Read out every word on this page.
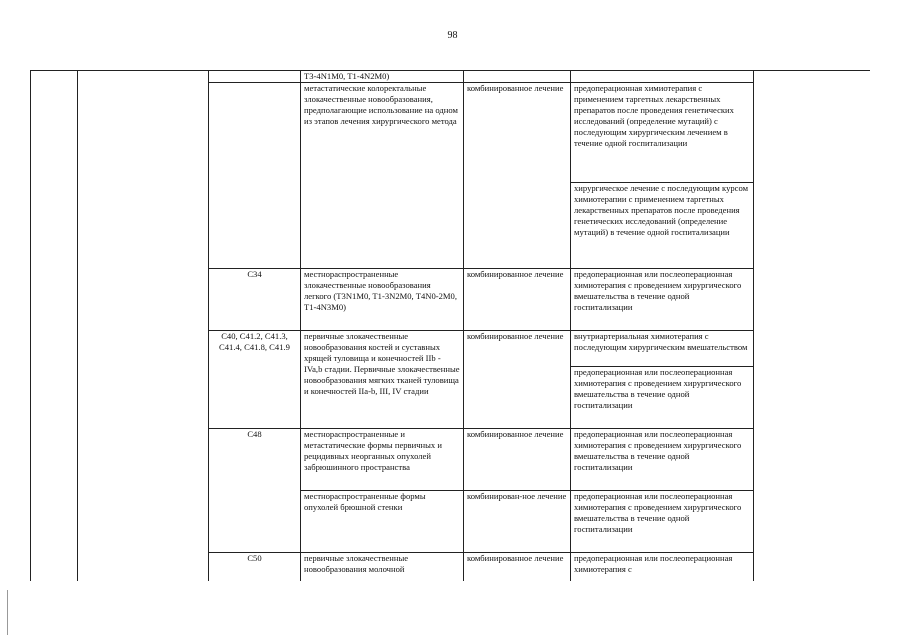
98
			T3-4N1M0, T1-4N2M0)			
			метастатические колоректальные злокачественные новообразования, предполагающие использование на одном из этапов лечения хирургического метода	комбинированное лечение	предоперационная химиотерапия с применением таргетных лекарственных препаратов после проведения генетических исследований (определение мутаций) с последующим хирургическим лечением в течение одной госпитализации	
					хирургическое лечение с последующим курсом химиотерапии с применением таргетных лекарственных препаратов после проведения генетических исследований (определение мутаций) в течение одной госпитализации	
		C34	местнораспространенные злокачественные новообразования легкого (T3N1M0, T1-3N2M0, T4N0-2M0, T1-4N3M0)	комбинированное лечение	предоперационная или послеоперационная химиотерапия с проведением хирургического вмешательства в течение одной госпитализации	
		C40, C41.2, C41.3, C41.4, C41.8, C41.9	первичные злокачественные новообразования костей и суставных хрящей туловища и конечностей IIb - IVa,b стадии. Первичные злокачественные новообразования мягких тканей туловища и конечностей IIa-b, III, IV стадии	комбинированное лечение	внутриартериальная химиотерапия с последующим хирургическим вмешательством	
					предоперационная или послеоперационная химиотерапия с проведением хирургического вмешательства в течение одной госпитализации	
		C48	местнораспространенные и метастатические формы первичных и рецидивных неорганных опухолей забрюшинного пространства	комбинированное лечение	предоперационная или послеоперационная химиотерапия с проведением хирургического вмешательства в течение одной госпитализации	
			местнораспространенные формы опухолей брюшной стенки	комбинирован-ное лечение	предоперационная или послеоперационная химиотерапия с проведением хирургического вмешательства в течение одной госпитализации	
		C50	первичные злокачественные новообразования молочной	комбинированное лечение	предоперационная или послеоперационная химиотерапия с	
